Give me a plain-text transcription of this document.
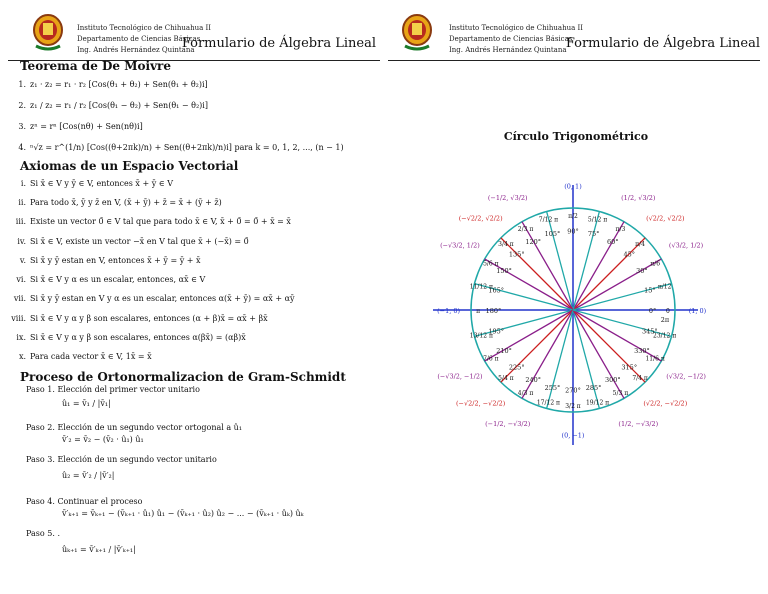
Instituto Tecnológico de Chihuahua II
Departamento de Ciencias Básicas
Ing. Andrés Hernández Quintana
Formulario de Álgebra Lineal
Teorema de De Moivre
1. z₁ · z₂ = r₁ · r₂ [Cos(θ₁ + θ₂) + Sen(θ₁ + θ₂)i]
2. z₁ / z₂ = r₁ / r₂ [Cos(θ₁ − θ₂) + Sen(θ₁ − θ₂)i]
3. zⁿ = rⁿ [Cos(nθ) + Sen(nθ)i]
4. ⁿ√z = r^(1/n) [Cos((θ+2πk)/n) + Sen((θ+2πk)/n)i] para k = 0, 1, 2, ..., (n − 1)
Axiomas de un Espacio Vectorial
i. Si x̄ ∈ V y ȳ ∈ V, entonces x̄ + ȳ ∈ V
ii. Para todo x̄, ȳ y z̄ en V, (x̄ + ȳ) + z̄ = x̄ + (ȳ + z̄)
iii. Existe un vector 0̄ ∈ V tal que para todo x̄ ∈ V, x̄ + 0̄ = 0̄ + x̄ = x̄
iv. Si x̄ ∈ V, existe un vector −x̄ en V tal que x̄ + (−x̄) = 0̄
v. Si x̄ y ȳ estan en V, entonces x̄ + ȳ = ȳ + x̄
vi. Si x̄ ∈ V y α es un escalar, entonces, αx̄ ∈ V
vii. Si x̄ y ȳ estan en V y α es un escalar, entonces α(x̄ + ȳ) = αx̄ + αȳ
viii. Si x̄ ∈ V y α y β son escalares, entonces (α + β)x̄ = αx̄ + βx̄
ix. Si x̄ ∈ V y α y β son escalares, entonces α(βx̄) = (αβ)x̄
x. Para cada vector x̄ ∈ V, 1x̄ = x̄
Proceso de Ortonormalizacion de Gram-Schmidt
Paso 1. Elección del primer vector unitario
û₁ = v̄₁ / |v̄₁|
Paso 2. Elección de un segundo vector ortogonal a û₁
v̄′₂ = v̄₂ − (v̄₂ · û₁) û₁
Paso 3. Elección de un segundo vector unitario
û₂ = v̄′₂ / |v̄′₂|
Paso 4. Continuar el proceso
v̄′ₖ₊₁ = v̄ₖ₊₁ − (v̄ₖ₊₁ · û₁) û₁ − (v̄ₖ₊₁ · û₂) û₂ − ... − (v̄ₖ₊₁ · ûₖ) ûₖ
Paso 5. .
ûₖ₊₁ = v̄′ₖ₊₁ / |v̄′ₖ₊₁|
Instituto Tecnológico de Chihuahua II
Departamento de Ciencias Básicas
Ing. Andrés Hernández Quintana Formulario de Álgebra Lineal
Círculo Trigonométrico
0° 0	(1, 0)
30°
π/6
(√3/2, 1/2)
45°
π/4
(√2/2, √2/2)
60°
π/3
(1/2, √3/2)
75°
5/12 π
90°
π/2
(0, 1)
105°
7/12 π
120°
2/3 π
(−1/2, √3/2)
135°
3/4 π
(−√2/2, √2/2)
150°
5/6 π
(−√3/2, 1/2)
165°
11/12 π
180°
π
(−1, 0)
195°
13/12 π
210°
7/6 π
(−√3/2, −1/2)
225°
5/4 π
(−√2/2, −√2/2)
240°
4/3 π
(−1/2, −√3/2)
255°
17/12 π
270°
3/2 π
(0, −1)
285°
19/12 π
300°
5/3 π
(1/2, −√3/2)
315°
7/4 π
(√2/2, −√2/2)
330°
11/6 π
(√3/2, −1/2)
345°
23/12 π
15° π/12
2π
